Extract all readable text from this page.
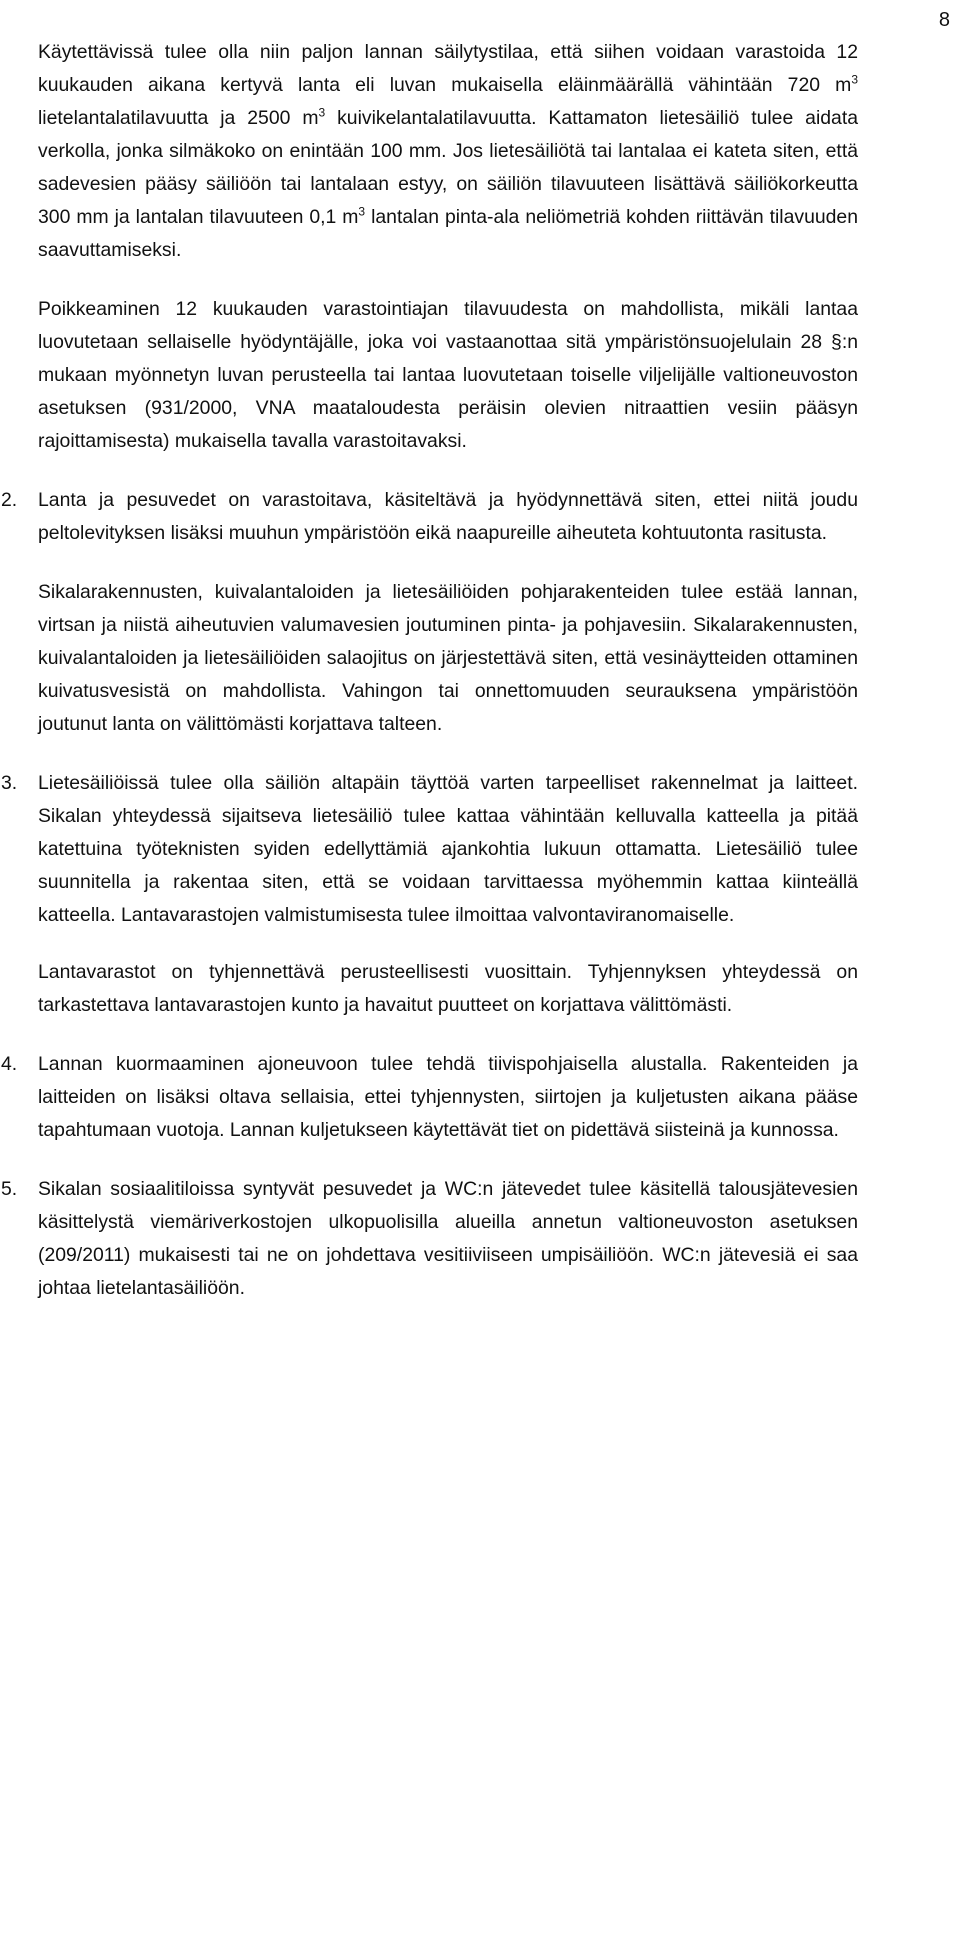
8

Käytettävissä tulee olla niin paljon lannan säilytystilaa, että siihen voidaan varastoida 12 kuukauden aikana kertyvä lanta eli luvan mukaisella eläinmäärällä vähintään 720 $m^3$ lietelantalatilavuutta ja 2500 $m^3$ kuivikelantalatilavuutta. Kattamaton lietesäiliö tulee aidata verkolla, jonka silmäkoko on enintään 100 mm. Jos lietesäiliötä tai lantalaa ei kateta siten, että sadevesien pääsy säiliöön tai lantalaan estyy, on säiliön tilavuuteen lisättävä säiliökorkeutta 300 mm ja lantalan tilavuuteen 0,1 $m^3$ lantalan pinta-ala neliömetriä kohden riittävän tilavuuden saavuttamiseksi.

Poikkeaminen 12 kuukauden varastointiajan tilavuudesta on mahdollista, mikäli lantaa luovutetaan sellaiselle hyödyntäjälle, joka voi vastaanottaa sitä ympäristönsuojelulain 28 §:n mukaan myönnetyn luvan perusteella tai lantaa luovutetaan toiselle viljelijälle valtioneuvoston asetuksen (931/2000, VNA maataloudesta peräisin olevien nitraattien vesiin pääsyn rajoittamisesta) mukaisella tavalla varastoitavaksi.

2.	Lanta ja pesuvedet on varastoitava, käsiteltävä ja hyödynnettävä siten, ettei niitä joudu peltolevityksen lisäksi muuhun ympäristöön eikä naapureille aiheuteta kohtuutonta rasitusta.

Sikalarakennusten, kuivalantaloiden ja lietesäiliöiden pohjarakenteiden tulee estää lannan, virtsan ja niistä aiheutuvien valumavesien joutuminen pinta- ja pohjavesiin. Sikalarakennusten, kuivalantaloiden ja lietesäiliöiden salaojitus on järjestettävä siten, että vesinäytteiden ottaminen kuivatusvesistä on mahdollista. Vahingon tai onnettomuuden seurauksena ympäristöön joutunut lanta on välittömästi korjattava talteen.

3.	Lietesäiliöissä tulee olla säiliön altapäin täyttöä varten tarpeelliset rakennelmat ja laitteet. Sikalan yhteydessä sijaitseva lietesäiliö tulee kattaa vähintään kelluvalla katteella ja pitää katettuina työteknisten syiden edellyttämiä ajankohtia lukuun ottamatta. Lietesäiliö tulee suunnitella ja rakentaa siten, että se voidaan tarvittaessa myöhemmin kattaa kiinteällä katteella. Lantavarastojen valmistumisesta tulee ilmoittaa valvontaviranomaiselle.

Lantavarastot on tyhjennettävä perusteellisesti vuosittain. Tyhjennyksen yhteydessä on tarkastettava lantavarastojen kunto ja havaitut puutteet on korjattava välittömästi.

4.	Lannan kuormaaminen ajoneuvoon tulee tehdä tiivispohjaisella alustalla. Rakenteiden ja laitteiden on lisäksi oltava sellaisia, ettei tyhjennysten, siirtojen ja kuljetusten aikana pääse tapahtumaan vuotoja. Lannan kuljetukseen käytettävät tiet on pidettävä siisteinä ja kunnossa.

5.	Sikalan sosiaalitiloissa syntyvät pesuvedet ja WC:n jätevedet tulee käsitellä talousjätevesien käsittelystä viemäriverkostojen ulkopuolisilla alueilla annetun valtioneuvoston asetuksen (209/2011) mukaisesti tai ne on johdettava vesitiiviiseen umpisäiliöön. WC:n jätevesiä ei saa johtaa lietelantasäiliöön.
